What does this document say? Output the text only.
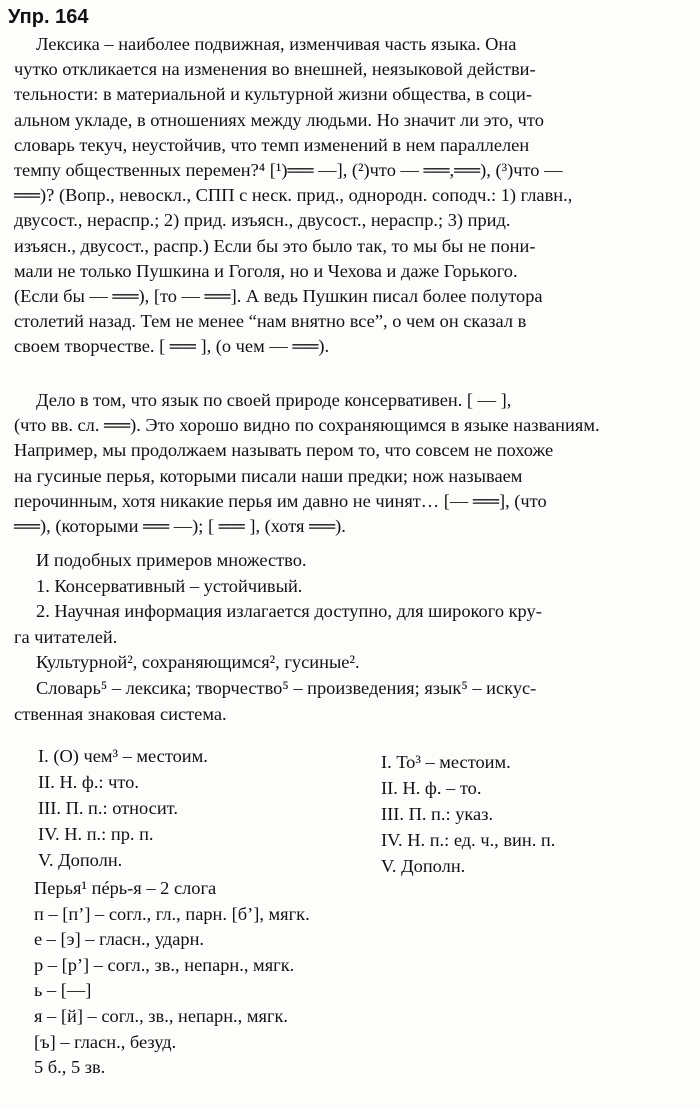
Упр. 164
Лексика – наиболее подвижная, изменчивая часть языка. Она
чутко откликается на изменения во внешней, неязыковой действи-
тельности: в материальной и культурной жизни общества, в соци-
альном укладе, в отношениях между людьми. Но значит ли это, что
словарь текуч, неустойчив, что темп изменений в нем параллелен
темпу общественных перемен?⁴ [¹)══ —], (²)что — ══,══), (³)что —
══)? (Вопр., невоскл., СПП с неск. прид., однородн. соподч.: 1) главн.,
двусост., нераспр.; 2) прид. изъясн., двусост., нераспр.; 3) прид.
изъясн., двусост., распр.) Если бы это было так, то мы бы не пони-
мали не только Пушкина и Гоголя, но и Чехова и даже Горького.
(Если бы — ══), [то — ══]. А ведь Пушкин писал более полутора
столетий назад. Тем не менее “нам внятно все”, о чем он сказал в
своем творчестве. [ ══ ], (о чем — ══).
Дело в том, что язык по своей природе консервативен. [ — ],
(что вв. сл. ══). Это хорошо видно по сохраняющимся в языке названиям.
Например, мы продолжаем называть пером то, что совсем не похоже
на гусиные перья, которыми писали наши предки; нож называем
перочинным, хотя никакие перья им давно не чинят… [— ══], (что
══), (которыми ══ —); [ ══ ], (хотя ══).
И подобных примеров множество.
1. Консервативный – устойчивый.
2. Научная информация излагается доступно, для широкого кру-
га читателей.
Культурной², сохраняющимся², гусиные².
Словарь⁵ – лексика; творчество⁵ – произведения; язык⁵ – искус-
ственная знаковая система.
I. (О) чем³ – местоим.
II. Н. ф.: что.
III. П. п.: относит.
IV. Н. п.: пр. п.
V. Дополн.
I. То³ – местоим.
II. Н. ф. – то.
III. П. п.: указ.
IV. Н. п.: ед. ч., вин. п.
V. Дополн.
Перья¹ пéрь-я – 2 слога
п – [п’] – согл., гл., парн. [б’], мягк.
е – [э] – гласн., ударн.
р – [р’] – согл., зв., непарн., мягк.
ь – [—]
я – [й] – согл., зв., непарн., мягк.
[ъ] – гласн., безуд.
5 б., 5 зв.
